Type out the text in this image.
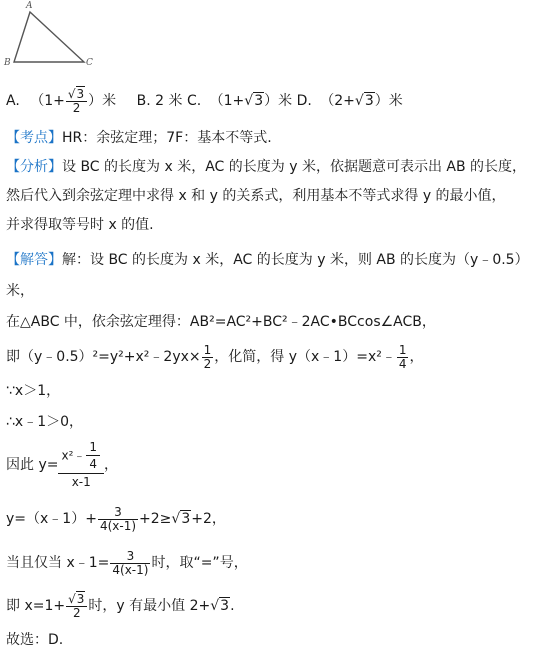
A
B	C
A. （$1+ \frac{√3}{2}$ ）米 B. 2 米 C. （1+√3）米 D. （2+√3）米
【考点】HR：余弦定理；7F：基本不等式.
【分析】设 BC 的长度为 x 米，AC 的长度为 y 米，依据题意可表示出 AB 的长度，
然后代入到余弦定理中求得 x 和 y 的关系式，利用基本不等式求得 y 的最小值，
并求得取等号时 x 的值.
【解答】解：设 BC 的长度为 x 米，AC 的长度为 y 米，则 AB 的长度为（y﹣0.5）
米，
在△ABC 中，依余弦定理得：AB²=AC²+BC²﹣2AC•BCcos∠ACB，
即（y﹣0.5）²=y²+x²﹣2yx× $\frac{1}{2}$ ，化简，得 y（x﹣1）=x²﹣ $\frac{1}{4}$ ，
∵x＞1，
∴x﹣1＞0，
因此 $y= \frac{x^2﹣ \frac{1}{4}}{x-1}$ ，
y=（x﹣1）+ $\frac{3}{4(x-1)} +2\ge√3+2$，
当且仅当 x﹣1= $\frac{3}{4(x-1)}$ 时，取“=”号，
即 $x=1+ \frac{√3}{2}$ 时，y 有最小值 2+√3.
故选：D.
